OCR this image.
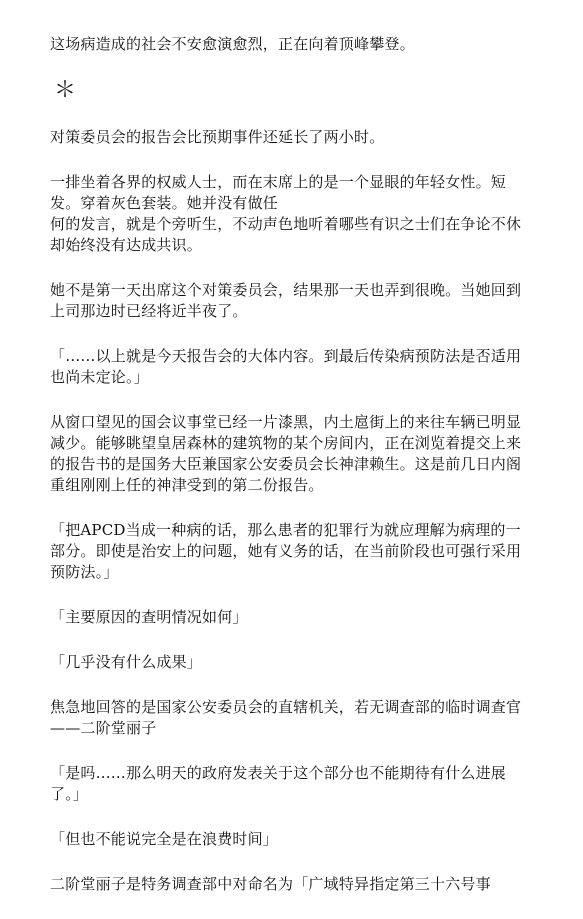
这场病造成的社会不安愈演愈烈，正在向着顶峰攀登。

＊

对策委员会的报告会比预期事件还延长了两小时。

一排坐着各界的权威人士，而在末席上的是一个显眼的年轻女性。短发。穿着灰色套装。她并没有做任

何的发言，就是个旁听生，不动声色地听着哪些有识之士们在争论不休却始终没有达成共识。

她不是第一天出席这个对策委员会，结果那一天也弄到很晚。当她回到上司那边时已经将近半夜了。

「……以上就是今天报告会的大体内容。到最后传染病预防法是否适用也尚未定论。」

从窗口望见的国会议事堂已经一片漆黑，内土扈街上的来往车辆已明显减少。能够眺望皇居森林的建筑物的某个房间内，正在浏览着提交上来的报告书的是国务大臣兼国家公安委员会长神津赖生。这是前几日内阁重组刚刚上任的神津受到的第二份报告。

「把APCD当成一种病的话，那么患者的犯罪行为就应理解为病理的一部分。即使是治安上的问题，她有义务的话，在当前阶段也可强行采用预防法。」

「主要原因的查明情况如何」

「几乎没有什么成果」

焦急地回答的是国家公安委员会的直辖机关，若无调查部的临时调查官——二阶堂丽子

「是吗……那么明天的政府发表关于这个部分也不能期待有什么进展了。」

「但也不能说完全是在浪费时间」

二阶堂丽子是特务调查部中对命名为「广域特异指定第三十六号事
